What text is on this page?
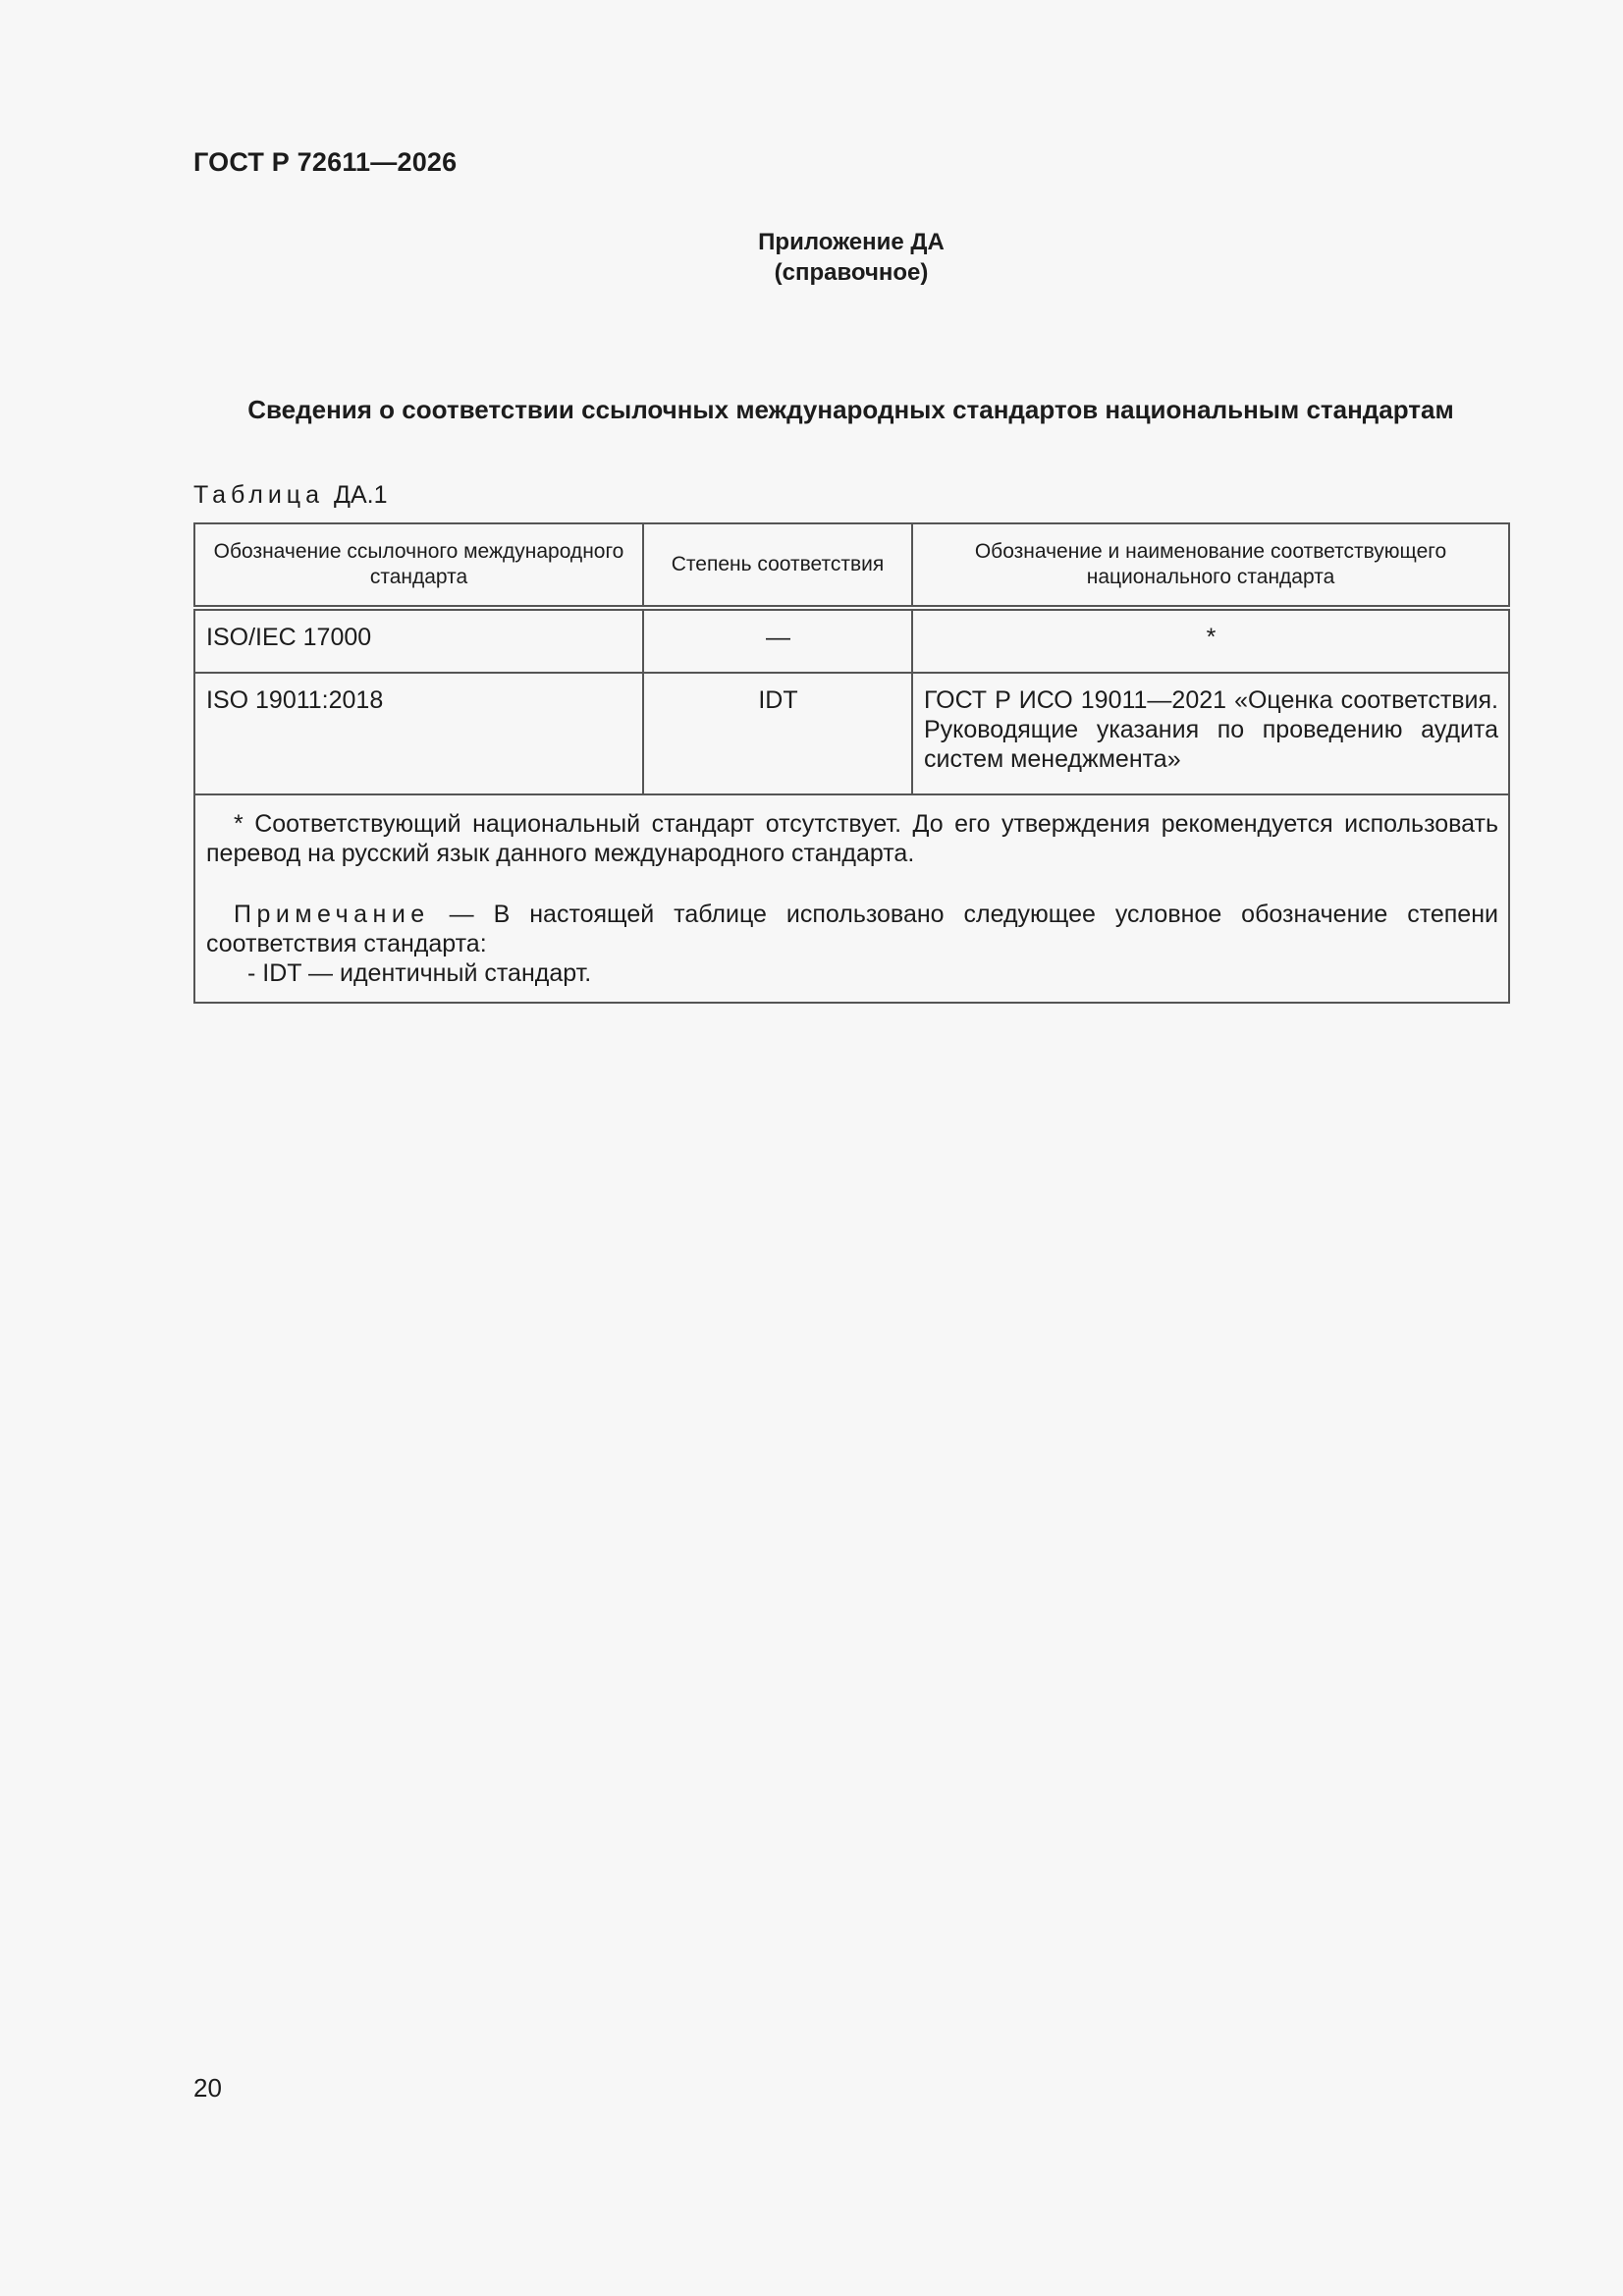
ГОСТ Р 72611—2026
Приложение ДА
(справочное)
Сведения о соответствии ссылочных международных стандартов национальным стандартам
Таблица ДА.1
Обозначение ссылочного международного стандарта	Степень соответствия	Обозначение и наименование соответствующего национального стандарта
ISO/IEC 17000	—	*
ISO 19011:2018	IDT	ГОСТ Р ИСО 19011—2021 «Оценка соответствия. Руководящие указания по проведению аудита систем менеджмента»

* Соответствующий национальный стандарт отсутствует. До его утверждения рекомендуется использовать перевод на русский язык данного международного стандарта.

Примечание — В настоящей таблице использовано следующее условное обозначение степени соответствия стандарта:

- IDT — идентичный стандарт.		

20
